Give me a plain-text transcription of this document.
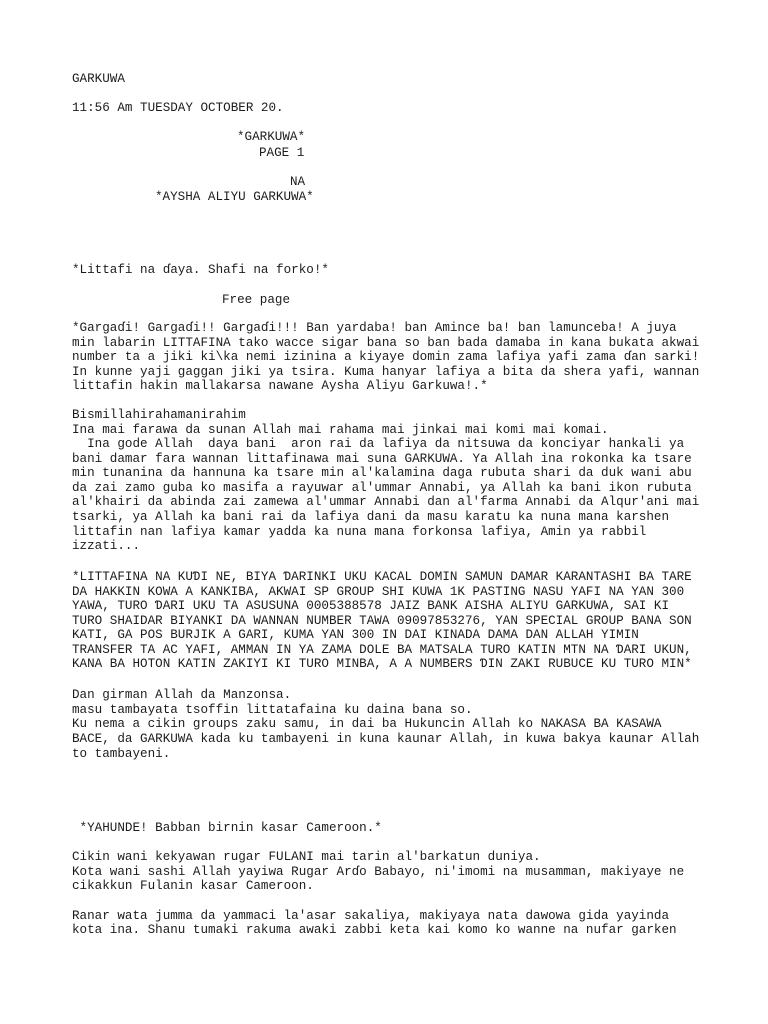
GARKUWA

11:56 Am TUESDAY OCTOBER 20.

*GARKUWA*

PAGE 1

NA

*AYSHA ALIYU GARKUWA*

*Littafi na ɗaya. Shafi na forko!*

Free page

*Gargaɗi! Gargaɗi!! Gargaɗi!!! Ban yardaba! ban Amince ba! ban lamunceba! A juya

min labarin LITTAFINA tako wacce sigar bana so ban bada damaba in kana bukata akwai

number ta a jiki ki\ka nemi izinina a kiyaye domin zama lafiya yafi zama ɗan sarki!

In kunne yaji gaggan jiki ya tsira. Kuma hanyar lafiya a bita da shera yafi, wannan

littafin hakin mallakarsa nawane Aysha Aliyu Garkuwa!.*

Bismillahirahamanirahim

Ina mai farawa da sunan Allah mai rahama mai jinkai mai komi mai komai.

Ina gode Allah  daya bani  aron rai da lafiya da nitsuwa da konciyar hankali ya

bani damar fara wannan littafinawa mai suna GARKUWA. Ya Allah ina rokonka ka tsare

min tunanina da hannuna ka tsare min al'kalamina daga rubuta shari da duk wani abu

da zai zamo guba ko masifa a rayuwar al'ummar Annabi, ya Allah ka bani ikon rubuta

al'khairi da abinda zai zamewa al'ummar Annabi dan al'farma Annabi da Alqur'ani mai

tsarki, ya Allah ka bani rai da lafiya dani da masu karatu ka nuna mana karshen

littafin nan lafiya kamar yadda ka nuna mana forkonsa lafiya, Amin ya rabbil

izzati...

*LITTAFINA NA KUƊI NE, BIYA ƊARINKI UKU KACAL DOMIN SAMUN DAMAR KARANTASHI BA TARE

DA HAKKIN KOWA A KANKIBA, AKWAI SP GROUP SHI KUWA 1K PASTING NASU YAFI NA YAN 300

YAWA, TURO ƊARI UKU TA ASUSUNA 0005388578 JAIZ BANK AISHA ALIYU GARKUWA, SAI KI

TURO SHAIDAR BIYANKI DA WANNAN NUMBER TAWA 09097853276, YAN SPECIAL GROUP BANA SON

KATI, GA POS BURJIK A GARI, KUMA YAN 300 IN DAI KINADA DAMA DAN ALLAH YIMIN

TRANSFER TA AC YAFI, AMMAN IN YA ZAMA DOLE BA MATSALA TURO KATIN MTN NA ƊARI UKUN,

KANA BA HOTON KATIN ZAKIYI KI TURO MINBA, A A NUMBERS ƊIN ZAKI RUBUCE KU TURO MIN*

Dan girman Allah da Manzonsa.

masu tambayata tsoffin littatafaina ku daina bana so.

Ku nema a cikin groups zaku samu, in dai ba Hukuncin Allah ko NAKASA BA KASAWA

BACE, da GARKUWA kada ku tambayeni in kuna kaunar Allah, in kuwa bakya kaunar Allah

to tambayeni.

*YAHUNDE! Babban birnin kasar Cameroon.*

Cikin wani kekyawan rugar FULANI mai tarin al'barkatun duniya.

Kota wani sashi Allah yayiwa Rugar Arɗo Babayo, ni'imomi na musamman, makiyaye ne

cikakkun Fulanin kasar Cameroon.

Ranar wata jumma da yammaci la'asar sakaliya, makiyaya nata dawowa gida yayinda

kota ina. Shanu tumaki rakuma awaki zabbi keta kai komo ko wanne na nufar garken
